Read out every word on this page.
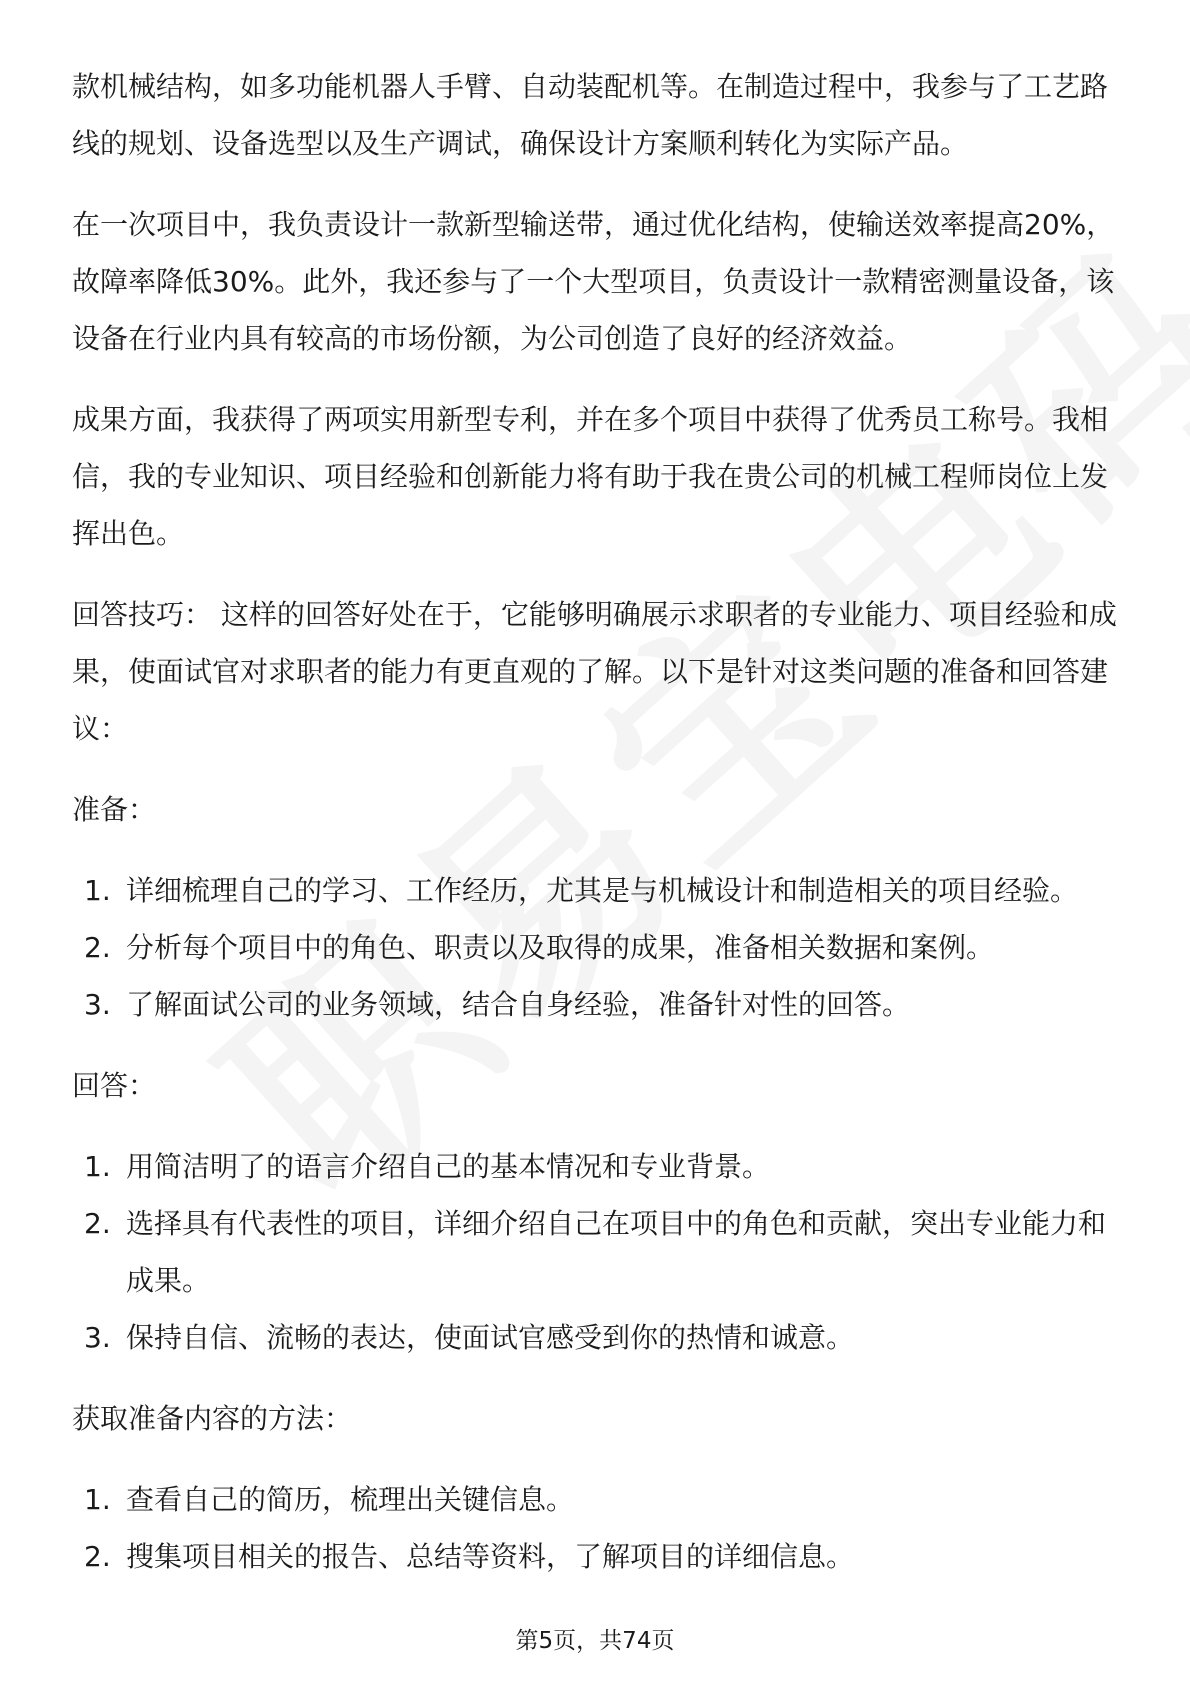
款机械结构，如多功能机器人手臂、自动装配机等。在制造过程中，我参与了工艺路线的规划、设备选型以及生产调试，确保设计方案顺利转化为实际产品。

在一次项目中，我负责设计一款新型输送带，通过优化结构，使输送效率提高20%，故障率降低30%。此外，我还参与了一个大型项目，负责设计一款精密测量设备，该设备在行业内具有较高的市场份额，为公司创造了良好的经济效益。

成果方面，我获得了两项实用新型专利，并在多个项目中获得了优秀员工称号。我相信，我的专业知识、项目经验和创新能力将有助于我在贵公司的机械工程师岗位上发挥出色。

回答技巧： 这样的回答好处在于，它能够明确展示求职者的专业能力、项目经验和成果，使面试官对求职者的能力有更直观的了解。以下是针对这类问题的准备和回答建议：

准备：
1. 详细梳理自己的学习、工作经历，尤其是与机械设计和制造相关的项目经验。
2. 分析每个项目中的角色、职责以及取得的成果，准备相关数据和案例。
3. 了解面试公司的业务领域，结合自身经验，准备针对性的回答。
回答：
1. 用简洁明了的语言介绍自己的基本情况和专业背景。
2. 选择具有代表性的项目，详细介绍自己在项目中的角色和贡献，突出专业能力和成果。
3. 保持自信、流畅的表达，使面试官感受到你的热情和诚意。
获取准备内容的方法：
1. 查看自己的简历，梳理出关键信息。
2. 搜集项目相关的报告、总结等资料，了解项目的详细信息。
第5页，共74页
